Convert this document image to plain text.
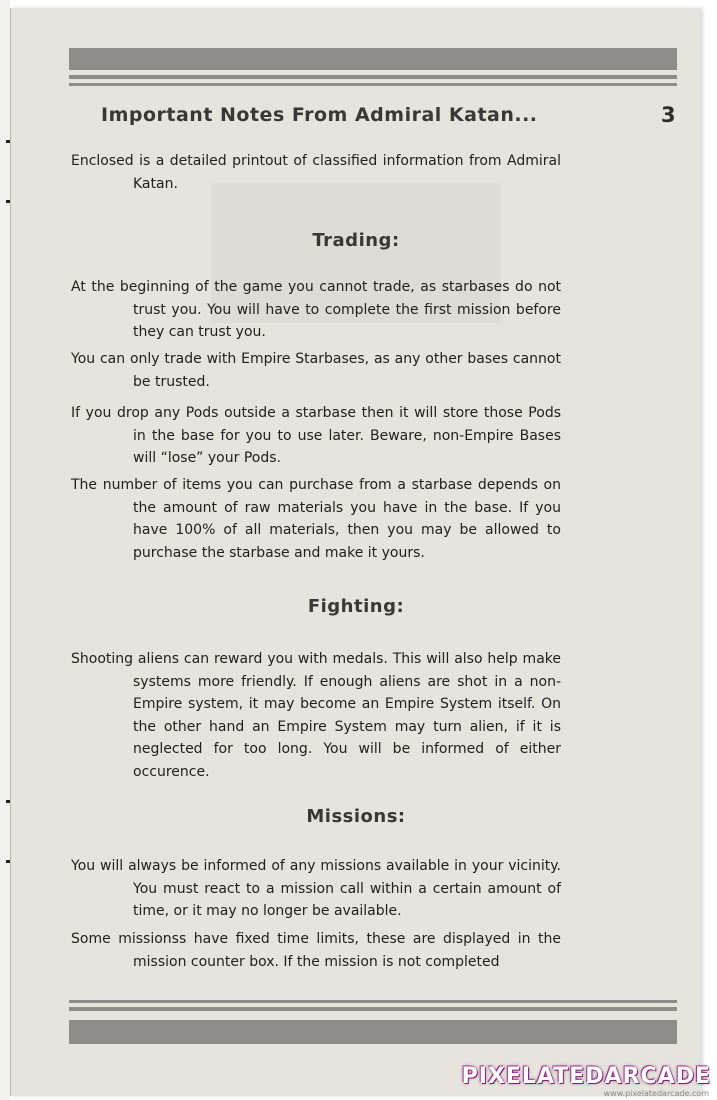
Important Notes From Admiral Katan...	3

Enclosed is a detailed printout of classified information from Admiral Katan.

Trading:

At the beginning of the game you cannot trade, as starbases do not trust you. You will have to complete the first mission before they can trust you.

You can only trade with Empire Starbases, as any other bases cannot be trusted.

If you drop any Pods outside a starbase then it will store those Pods in the base for you to use later. Beware, non-Empire Bases will “lose” your Pods.

The number of items you can purchase from a starbase depends on the amount of raw materials you have in the base. If you have 100% of all materials, then you may be allowed to purchase the starbase and make it yours.

Fighting:

Shooting aliens can reward you with medals. This will also help make systems more friendly. If enough aliens are shot in a non-Empire system, it may become an Empire System itself. On the other hand an Empire System may turn alien, if it is neglected for too long. You will be informed of either occurence.

Missions:

You will always be informed of any missions available in your vicinity. You must react to a mission call within a certain amount of time, or it may no longer be available.

Some missionss have fixed time limits, these are displayed in the mission counter box. If the mission is not completed

PIXELATEDARCADE
www.pixelatedarcade.com
